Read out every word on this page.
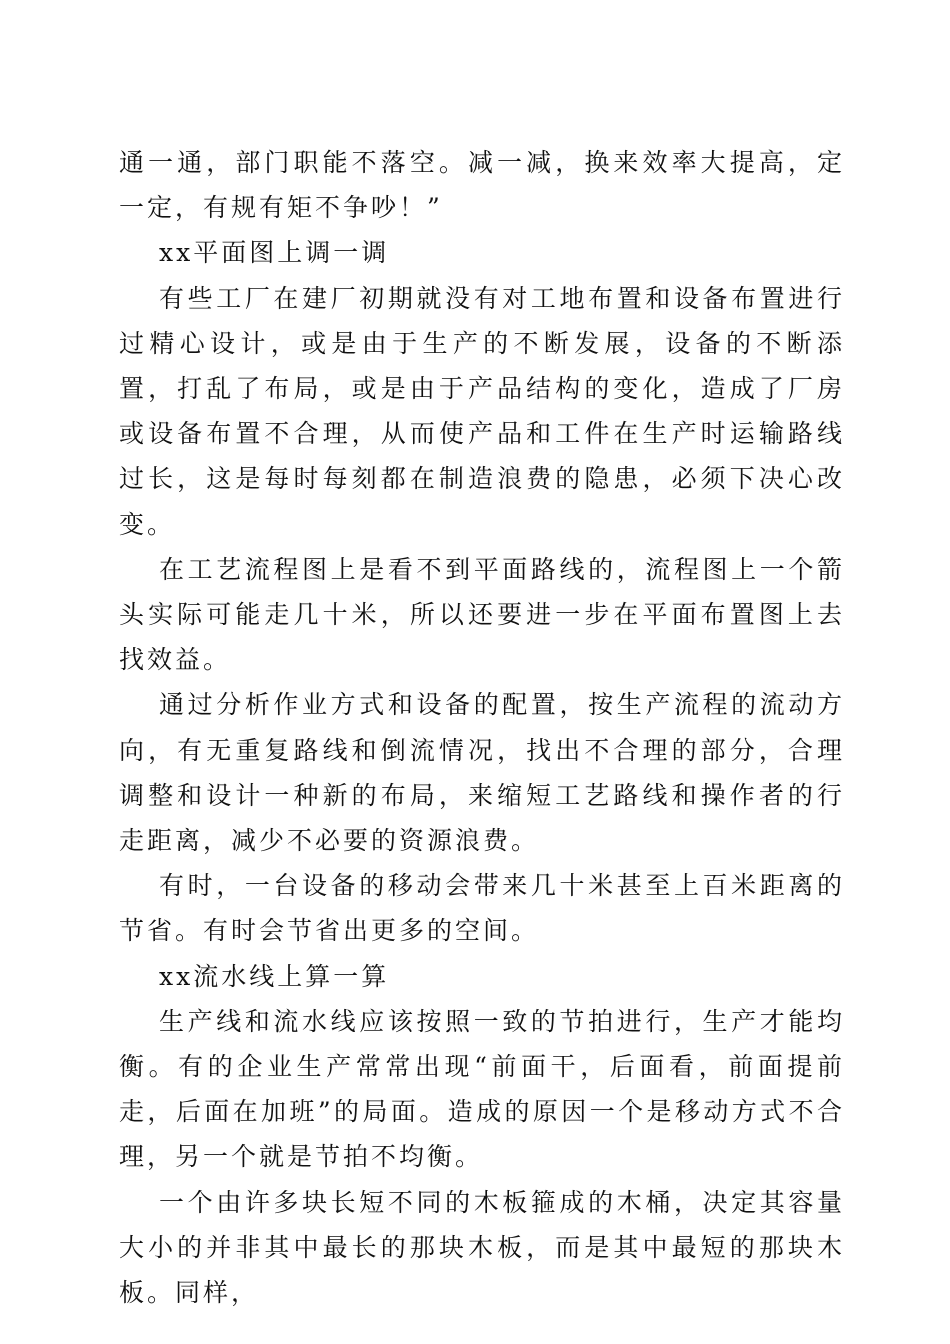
通一通，部门职能不落空。减一减，换来效率大提高，定一定，有规有矩不争吵！”

xx平面图上调一调

有些工厂在建厂初期就没有对工地布置和设备布置进行过精心设计，或是由于生产的不断发展，设备的不断添置，打乱了布局，或是由于产品结构的变化，造成了厂房或设备布置不合理，从而使产品和工件在生产时运输路线过长，这是每时每刻都在制造浪费的隐患，必须下决心改变。

在工艺流程图上是看不到平面路线的，流程图上一个箭头实际可能走几十米，所以还要进一步在平面布置图上去找效益。

通过分析作业方式和设备的配置，按生产流程的流动方向，有无重复路线和倒流情况，找出不合理的部分，合理调整和设计一种新的布局，来缩短工艺路线和操作者的行走距离，减少不必要的资源浪费。

有时，一台设备的移动会带来几十米甚至上百米距离的节省。有时会节省出更多的空间。

xx流水线上算一算

生产线和流水线应该按照一致的节拍进行，生产才能均衡。有的企业生产常常出现“前面干，后面看，前面提前走，后面在加班”的局面。造成的原因一个是移动方式不合理，另一个就是节拍不均衡。

一个由许多块长短不同的木板箍成的木桶，决定其容量大小的并非其中最长的那块木板，而是其中最短的那块木板。同样，
